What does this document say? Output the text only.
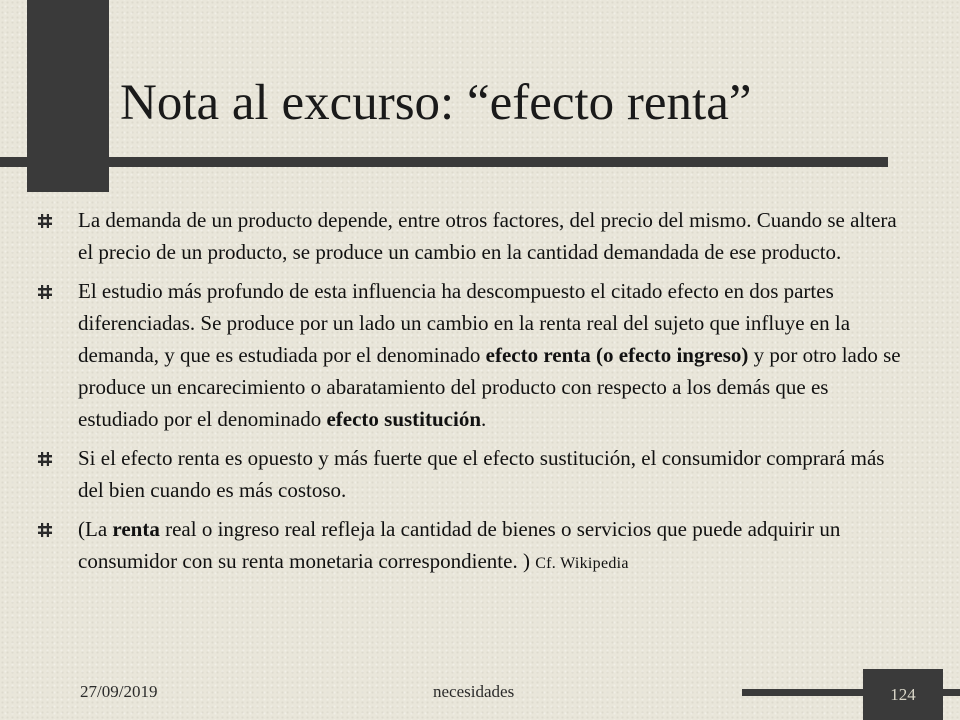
Nota al excurso: “efecto renta”
La demanda de un producto depende, entre otros factores, del precio del mismo. Cuando se altera el precio de un producto, se produce un cambio en la cantidad demandada de ese producto.
El estudio más profundo de esta influencia ha descompuesto el citado efecto en dos partes diferenciadas. Se produce por un lado un cambio en la renta real del sujeto que influye en la demanda, y que es estudiada por el denominado efecto renta (o efecto ingreso) y por otro lado se produce un encarecimiento o abaratamiento del producto con respecto a los demás que es estudiado por el denominado efecto sustitución.
Si el efecto renta es opuesto y más fuerte que el efecto sustitución, el consumidor comprará más del bien cuando es más costoso.
(La renta real o ingreso real refleja la cantidad de bienes o servicios que puede adquirir un consumidor con su renta monetaria correspondiente. ) Cf. Wikipedia
27/09/2019	necesidades	124
